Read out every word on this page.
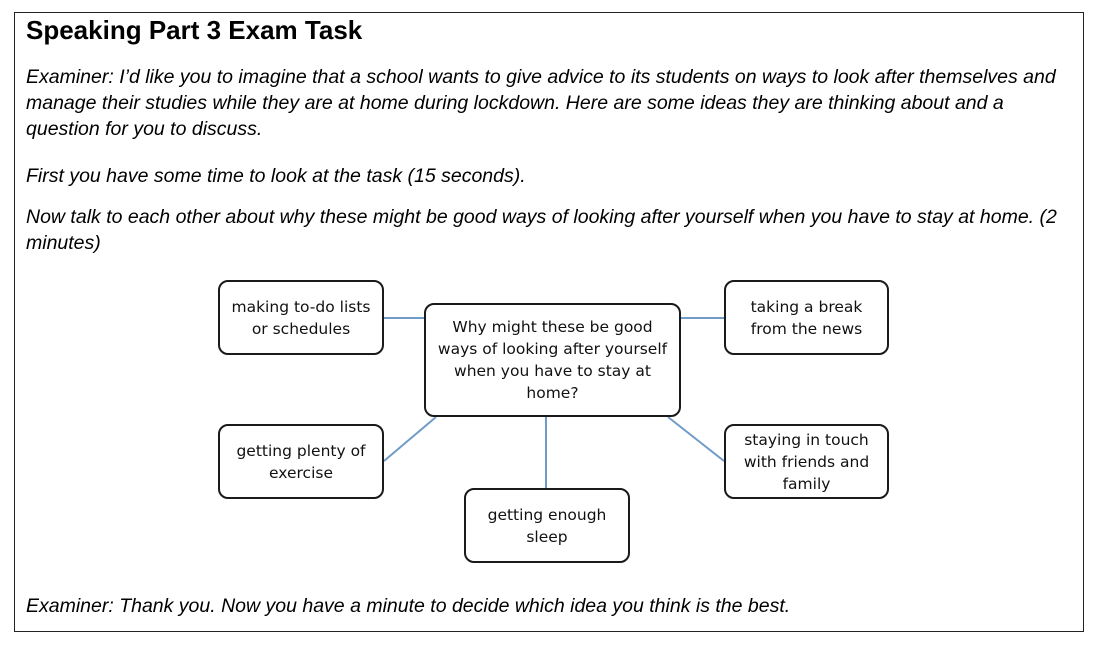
Speaking Part 3 Exam Task

Examiner: I’d like you to imagine that a school wants to give advice to its students on ways to look after themselves and manage their studies while they are at home during lockdown. Here are some ideas they are thinking about and a question for you to discuss.

First you have some time to look at the task (15 seconds).

Now talk to each other about why these might be good ways of looking after yourself when you have to stay at home. (2 minutes)

Why might these be good ways of looking after yourself when you have to stay at home?
making to-do lists or schedules
taking a break from the news
getting plenty of exercise
staying in touch with friends and family
getting enough sleep

Examiner: Thank you. Now you have a minute to decide which idea you think is the best.
